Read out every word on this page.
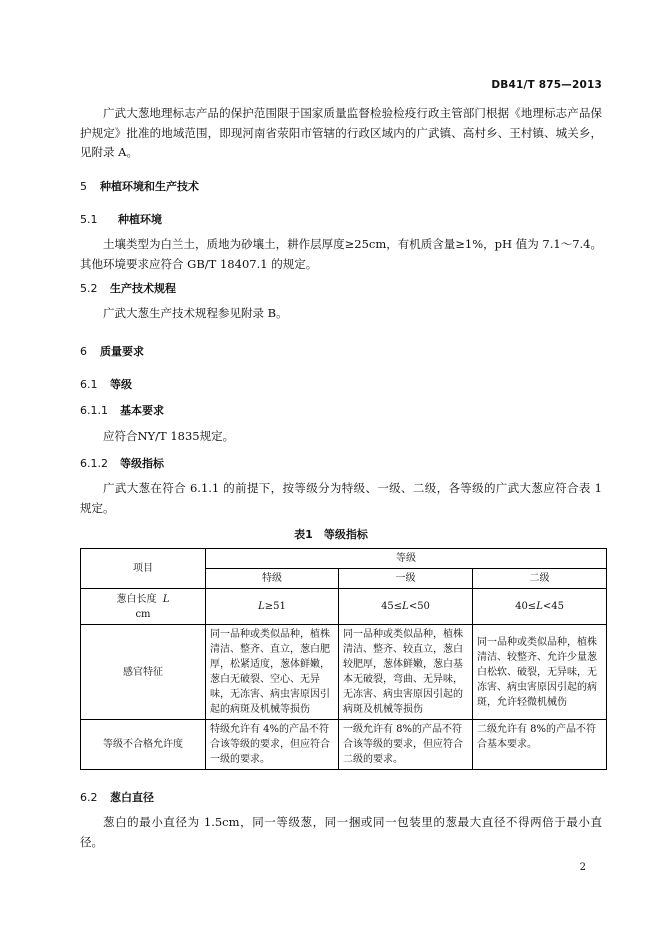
DB41/T 875—2013
广武大葱地理标志产品的保护范围限于国家质量监督检验检疫行政主管部门根据《地理标志产品保护规定》批准的地域范围，即现河南省荥阳市管辖的行政区域内的广武镇、高村乡、王村镇、城关乡，见附录 A。
5 种植环境和生产技术
5.1 种植环境
土壤类型为白兰土，质地为砂壤土，耕作层厚度≥25cm，有机质含量≥1%，pH 值为 7.1～7.4。其他环境要求应符合 GB/T 18407.1 的规定。
5.2 生产技术规程
广武大葱生产技术规程参见附录 B。
6 质量要求
6.1 等级
6.1.1 基本要求
应符合NY/T 1835规定。
6.1.2 等级指标
广武大葱在符合 6.1.1 的前提下，按等级分为特级、一级、二级，各等级的广武大葱应符合表 1 规定。
表1　等级指标
项目	等级		
	特级	一级	二级
葱白长度 L
cm	L≥51	45≤L<50	40≤L<45
感官特征	同一品种或类似品种，植株清洁、整齐、直立，葱白肥厚，松紧适度，葱体鲜嫩，葱白无破裂、空心、无异味，无冻害、病虫害原因引起的病斑及机械等损伤	同一品种或类似品种，植株清洁、整齐、较直立，葱白较肥厚，葱体鲜嫩，葱白基本无破裂，弯曲、无异味，无冻害、病虫害原因引起的病斑及机械等损伤	同一品种或类似品种，植株清洁、较整齐、允许少量葱白松软、破裂，无异味，无冻害、病虫害原因引起的病斑，允许轻微机械伤
等级不合格允许度	特级允许有 4%的产品不符合该等级的要求，但应符合一级的要求。	一级允许有 8%的产品不符合该等级的要求，但应符合二级的要求。	二级允许有 8%的产品不符合基本要求。
6.2 葱白直径
葱白的最小直径为 1.5cm，同一等级葱，同一捆或同一包装里的葱最大直径不得两倍于最小直径。
2
